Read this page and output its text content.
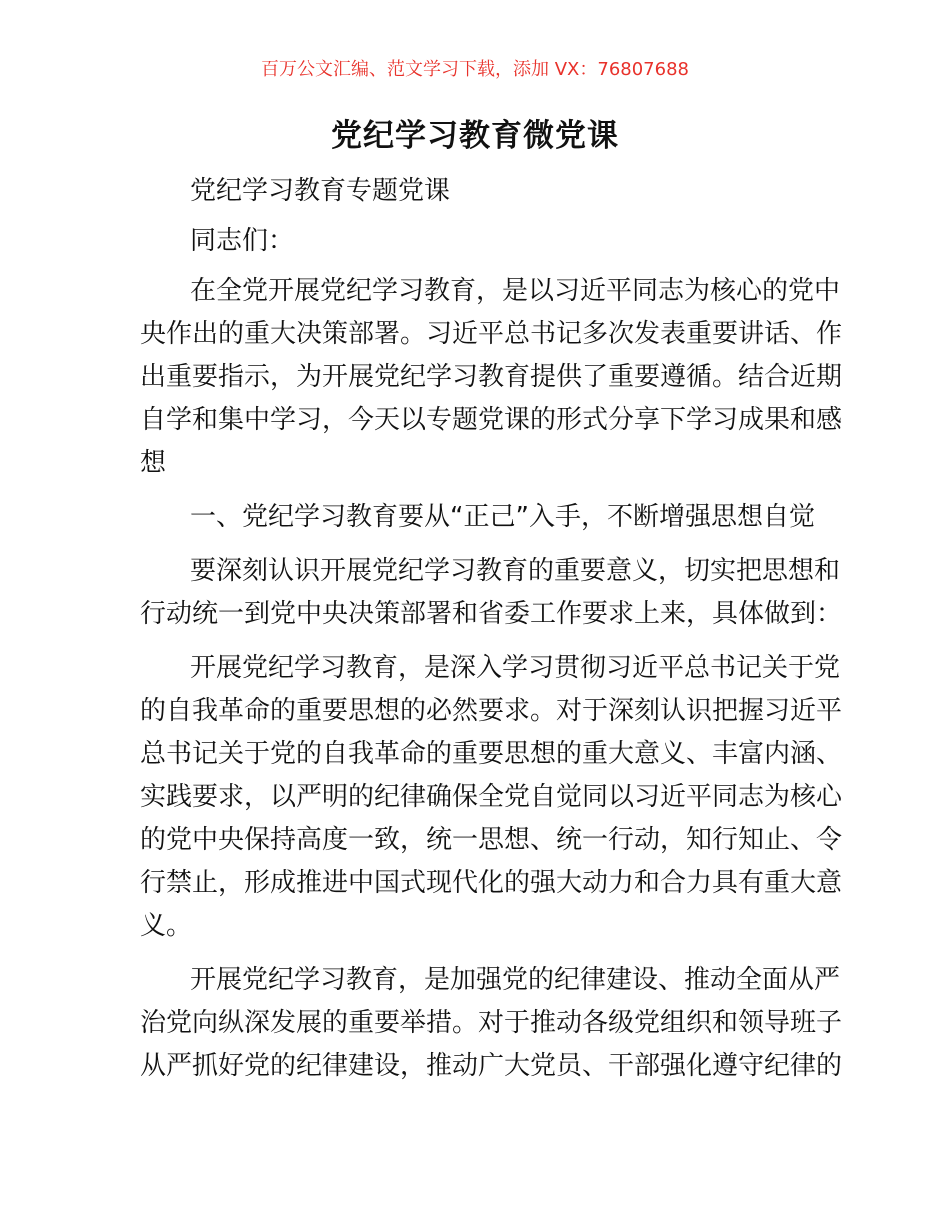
百万公文汇编、范文学习下载，添加 VX：76807688
党纪学习教育微党课
党纪学习教育专题党课
同志们：
在全党开展党纪学习教育，是以习近平同志为核心的党中
央作出的重大决策部署。习近平总书记多次发表重要讲话、作
出重要指示，为开展党纪学习教育提供了重要遵循。结合近期
自学和集中学习，今天以专题党课的形式分享下学习成果和感
想
一、党纪学习教育要从“正己”入手，不断增强思想自觉
要深刻认识开展党纪学习教育的重要意义，切实把思想和
行动统一到党中央决策部署和省委工作要求上来，具体做到：
开展党纪学习教育，是深入学习贯彻习近平总书记关于党
的自我革命的重要思想的必然要求。对于深刻认识把握习近平
总书记关于党的自我革命的重要思想的重大意义、丰富内涵、
实践要求，以严明的纪律确保全党自觉同以习近平同志为核心
的党中央保持高度一致，统一思想、统一行动，知行知止、令
行禁止，形成推进中国式现代化的强大动力和合力具有重大意
义。
开展党纪学习教育，是加强党的纪律建设、推动全面从严
治党向纵深发展的重要举措。对于推动各级党组织和领导班子
从严抓好党的纪律建设，推动广大党员、干部强化遵守纪律的
